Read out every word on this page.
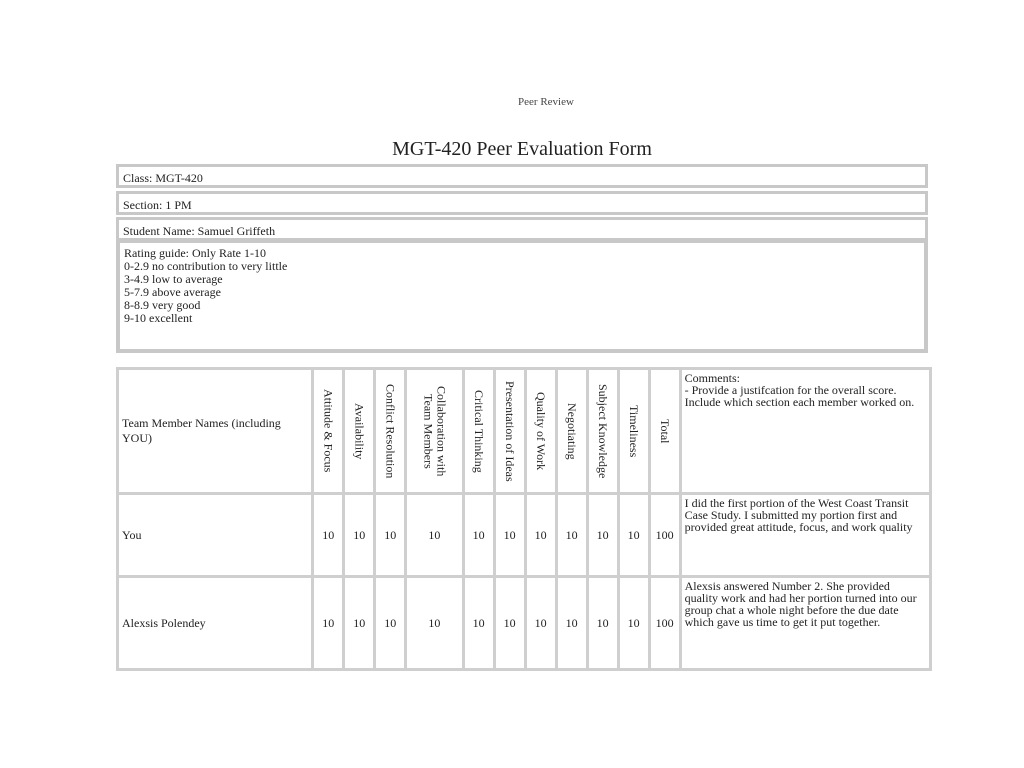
Peer Review
MGT-420 Peer Evaluation Form
Class: MGT-420
Section: 1 PM
Student Name: Samuel Griffeth
Rating guide: Only Rate 1-10
0-2.9 no contribution to very little
3-4.9 low to average
5-7.9 above average
8-8.9 very good
9-10 excellent
Team Member Names (including YOU)	Attitude & Focus	Availability	Conflict Resolution	Collaboration with Team Members	Critical Thinking	Presentation of Ideas	Quality of Work	Negotiating	Subject Knowledge	Timeliness	Total	Comments:
- Provide a justifcation for the overall score. Include which section each member worked on.

You	10	10	10	10	10	10	10	10	10	10	100	I did the first portion of the West Coast Transit Case Study. I submitted my portion first and provided great attitude, focus, and work quality

Alexsis Polendey	10	10	10	10	10	10	10	10	10	10	100	Alexsis answered Number 2. She provided quality work and had her portion turned into our group chat a whole night before the due date which gave us time to get it put together.
